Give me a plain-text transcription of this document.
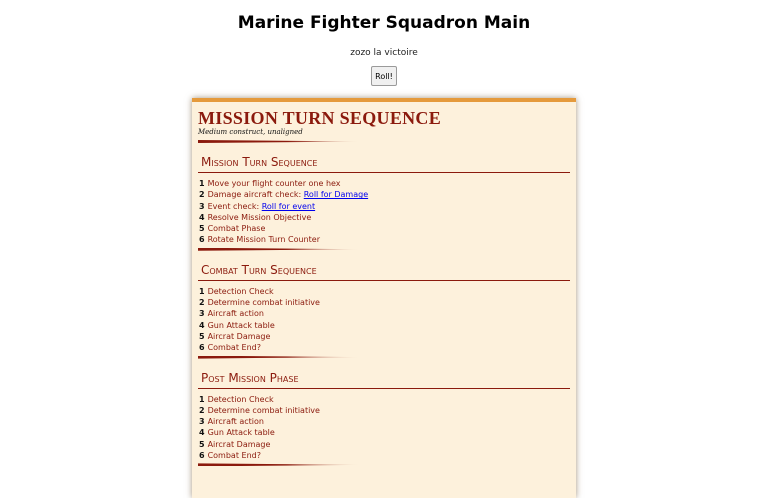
Marine Fighter Squadron Main
zozo la victoire
Roll!
MISSION TURN SEQUENCE
Medium construct, unaligned
Mission Turn Sequence
1 Move your flight counter one hex
2 Damage aircraft check: Roll for Damage
3 Event check: Roll for event
4 Resolve Mission Objective
5 Combat Phase
6 Rotate Mission Turn Counter
Combat Turn Sequence
1 Detection Check
2 Determine combat initiative
3 Aircraft action
4 Gun Attack table
5 Aircrat Damage
6 Combat End?
Post Mission Phase
1 Detection Check
2 Determine combat initiative
3 Aircraft action
4 Gun Attack table
5 Aircrat Damage
6 Combat End?
